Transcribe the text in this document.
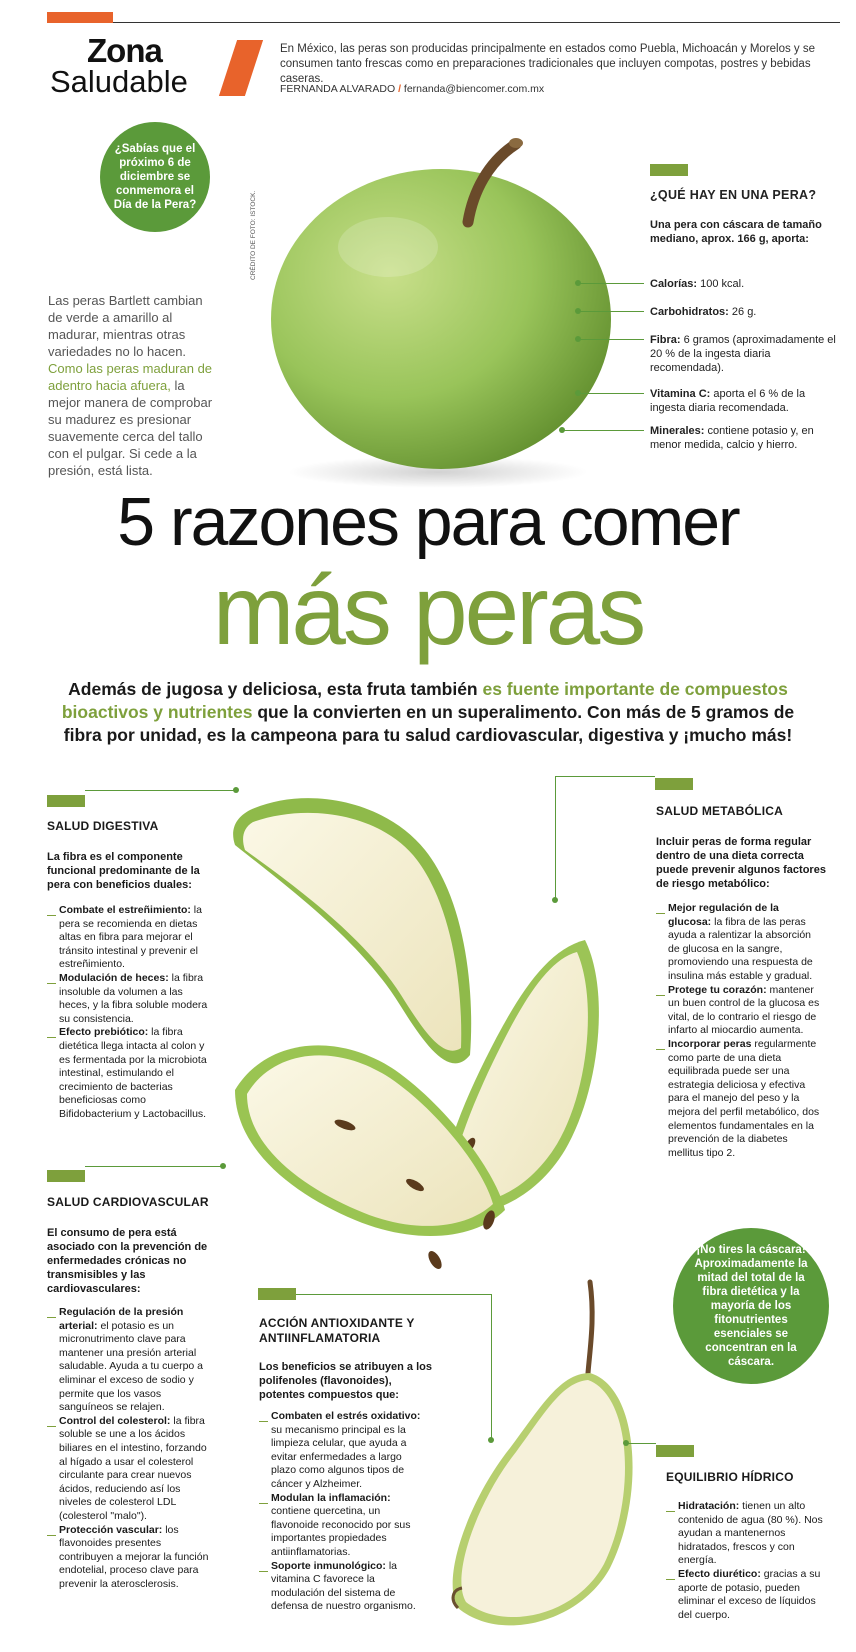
Zona
Saludable
En México, las peras son producidas principalmente en estados como Puebla, Michoacán y Morelos y se consumen tanto frescas como en preparaciones tradicionales que incluyen compotas, postres y bebidas caseras.
FERNANDA ALVARADO / fernanda@biencomer.com.mx
CRÉDITO DE FOTO: ISTOCK.
¿Sabías que el próximo 6 de diciembre se conmemora el Día de la Pera?
Las peras Bartlett cambian de verde a amarillo al madurar, mientras otras variedades no lo hacen. Como las peras maduran de adentro hacia afuera, la mejor manera de comprobar su madurez es presionar suavemente cerca del tallo con el pulgar. Si cede a la presión, está lista.
¿QUÉ HAY EN UNA PERA?
Una pera con cáscara de tamaño mediano, aprox. 166 g, aporta:
Calorías: 100 kcal.
Carbohidratos: 26 g.
Fibra: 6 gramos (aproximadamente el 20 % de la ingesta diaria recomendada).
Vitamina C: aporta el 6 % de la ingesta diaria recomendada.
Minerales: contiene potasio y, en menor medida, calcio y hierro.
5 razones para comer
más peras
Además de jugosa y deliciosa, esta fruta también es fuente importante de compuestos bioactivos y nutrientes que la convierten en un superalimento. Con más de 5 gramos de fibra por unidad, es la campeona para tu salud cardiovascular, digestiva y ¡mucho más!
SALUD DIGESTIVA
La fibra es el componente funcional predominante de la pera con beneficios duales:
Combate el estreñimiento: la pera se recomienda en dietas altas en fibra para mejorar el tránsito intestinal y prevenir el estreñimiento.
Modulación de heces: la fibra insoluble da volumen a las heces, y la fibra soluble modera su consistencia.
Efecto prebiótico: la fibra dietética llega intacta al colon y es fermentada por la microbiota intestinal, estimulando el crecimiento de bacterias beneficiosas como Bifidobacterium y Lactobacillus.
SALUD METABÓLICA
Incluir peras de forma regular dentro de una dieta correcta puede prevenir algunos factores de riesgo metabólico:
Mejor regulación de la glucosa: la fibra de las peras ayuda a ralentizar la absorción de glucosa en la sangre, promoviendo una respuesta de insulina más estable y gradual.
Protege tu corazón: mantener un buen control de la glucosa es vital, de lo contrario el riesgo de infarto al miocardio aumenta.
Incorporar peras regularmente como parte de una dieta equilibrada puede ser una estrategia deliciosa y efectiva para el manejo del peso y la mejora del perfil metabólico, dos elementos fundamentales en la prevención de la diabetes mellitus tipo 2.
SALUD CARDIOVASCULAR
El consumo de pera está asociado con la prevención de enfermedades crónicas no transmisibles y las cardiovasculares:
Regulación de la presión arterial: el potasio es un micronutrimento clave para mantener una presión arterial saludable. Ayuda a tu cuerpo a eliminar el exceso de sodio y permite que los vasos sanguíneos se relajen.
Control del colesterol: la fibra soluble se une a los ácidos biliares en el intestino, forzando al hígado a usar el colesterol circulante para crear nuevos ácidos, reduciendo así los niveles de colesterol LDL (colesterol "malo").
Protección vascular: los flavonoides presentes contribuyen a mejorar la función endotelial, proceso clave para prevenir la aterosclerosis.
ACCIÓN ANTIOXIDANTE Y ANTIINFLAMATORIA
Los beneficios se atribuyen a los polifenoles (flavonoides), potentes compuestos que:
Combaten el estrés oxidativo: su mecanismo principal es la limpieza celular, que ayuda a evitar enfermedades a largo plazo como algunos tipos de cáncer y Alzheimer.
Modulan la inflamación: contiene quercetina, un flavonoide reconocido por sus importantes propiedades antiinflamatorias.
Soporte inmunológico: la vitamina C favorece la modulación del sistema de defensa de nuestro organismo.
¡No tires la cáscara! Aproximadamente la mitad del total de la fibra dietética y la mayoría de los fitonutrientes esenciales se concentran en la cáscara.
EQUILIBRIO HÍDRICO
Hidratación: tienen un alto contenido de agua (80 %). Nos ayudan a mantenernos hidratados, frescos y con energía.
Efecto diurético: gracias a su aporte de potasio, pueden eliminar el exceso de líquidos del cuerpo.
